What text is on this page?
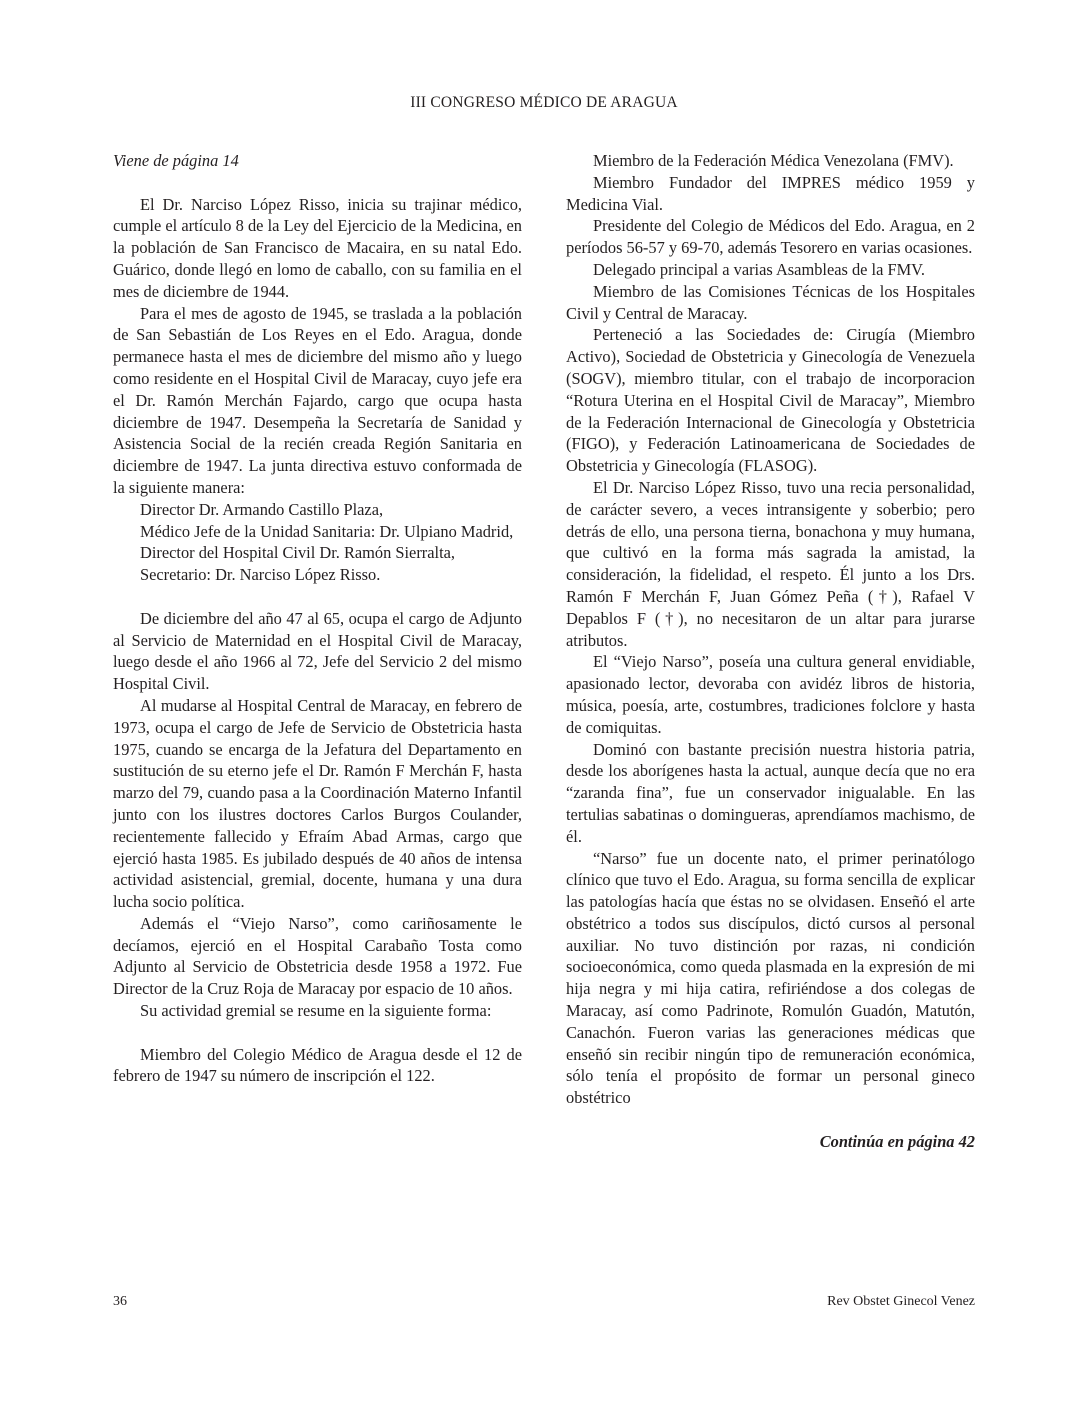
III CONGRESO MÉDICO DE ARAGUA

Viene de página 14

El Dr. Narciso López Risso, inicia su trajinar médico, cumple el artículo 8 de la Ley del Ejercicio de la Medicina, en la población de San Francisco de Macaira, en su natal Edo. Guárico, donde llegó en lomo de caballo, con su familia en el mes de diciembre de 1944.

Para el mes de agosto de 1945, se traslada a la población de San Sebastián de Los Reyes en el Edo. Aragua, donde permanece hasta el mes de diciembre del mismo año y luego como residente en el Hospital Civil de Maracay, cuyo jefe era el Dr. Ramón Merchán Fajardo, cargo que ocupa hasta diciembre de 1947. Desempeña la Secretaría de Sanidad y Asistencia Social de la recién creada Región Sanitaria en diciembre de 1947. La junta directiva estuvo conformada de la siguiente manera:

Director Dr. Armando Castillo Plaza,

Médico Jefe de la Unidad Sanitaria: Dr. Ulpiano Madrid,

Director del Hospital Civil Dr. Ramón Sierralta,

Secretario: Dr. Narciso López Risso.

De diciembre del año 47 al 65, ocupa el cargo de Adjunto al Servicio de Maternidad en el Hospital Civil de Maracay, luego desde el año 1966 al 72, Jefe del Servicio 2 del mismo Hospital Civil.

Al mudarse al Hospital Central de Maracay, en febrero de 1973, ocupa el cargo de Jefe de Servicio de Obstetricia hasta 1975, cuando se encarga de la Jefatura del Departamento en sustitución de su eterno jefe el Dr. Ramón F Merchán F, hasta marzo del 79, cuando pasa a la Coordinación Materno Infantil junto con los ilustres doctores Carlos Burgos Coulander, recientemente fallecido y Efraím Abad Armas, cargo que ejerció hasta 1985. Es jubilado después de 40 años de intensa actividad asistencial, gremial, docente, humana y una dura lucha socio política.

Además el “Viejo Narso”, como cariñosamente le decíamos, ejerció en el Hospital Carabaño Tosta como Adjunto al Servicio de Obstetricia desde 1958 a 1972. Fue Director de la Cruz Roja de Maracay por espacio de 10 años.

Su actividad gremial se resume en la siguiente forma:

Miembro del Colegio Médico de Aragua desde el 12 de febrero de 1947 su número de inscripción el 122.

Miembro de la Federación Médica Venezolana (FMV).

Miembro Fundador del IMPRES médico 1959 y Medicina Vial.

Presidente del Colegio de Médicos del Edo. Aragua, en 2 períodos 56-57 y 69-70, además Tesorero en varias ocasiones.

Delegado principal a varias Asambleas de la FMV.

Miembro de las Comisiones Técnicas de los Hospitales Civil y Central de Maracay.

Perteneció a las Sociedades de: Cirugía (Miembro Activo), Sociedad de Obstetricia y Ginecología de Venezuela (SOGV), miembro titular, con el trabajo de incorporacion “Rotura Uterina en el Hospital Civil de Maracay”, Miembro de la Federación Internacional de Ginecología y Obstetricia (FIGO), y Federación Latinoamericana de Sociedades de Obstetricia y Ginecología (FLASOG).

El Dr. Narciso López Risso, tuvo una recia personalidad, de carácter severo, a veces intransigente y soberbio; pero detrás de ello, una persona tierna, bonachona y muy humana, que cultivó en la forma más sagrada la amistad, la consideración, la fidelidad, el respeto. Él junto a los Drs. Ramón F Merchán F, Juan Gómez Peña (†), Rafael V Depablos F (†), no necesitaron de un altar para jurarse atributos.

El “Viejo Narso”, poseía una cultura general envidiable, apasionado lector, devoraba con avidéz libros de historia, música, poesía, arte, costumbres, tradiciones folclore y hasta de comiquitas.

Dominó con bastante precisión nuestra historia patria, desde los aborígenes hasta la actual, aunque decía que no era “zaranda fina”, fue un conservador inigualable. En las tertulias sabatinas o domingueras, aprendíamos machismo, de él.

“Narso” fue un docente nato, el primer perinatólogo clínico que tuvo el Edo. Aragua, su forma sencilla de explicar las patologías hacía que éstas no se olvidasen. Enseñó el arte obstétrico a todos sus discípulos, dictó cursos al personal auxiliar. No tuvo distinción por razas, ni condición socioeconómica, como queda plasmada en la expresión de mi hija negra y mi hija catira, refiriéndose a dos colegas de Maracay, así como Padrinote, Romulón Guadón, Matutón, Canachón. Fueron varias las generaciones médicas que enseñó sin recibir ningún tipo de remuneración económica, sólo tenía el propósito de formar un personal gineco obstétrico

Continúa en página 42

36	Rev Obstet Ginecol Venez
